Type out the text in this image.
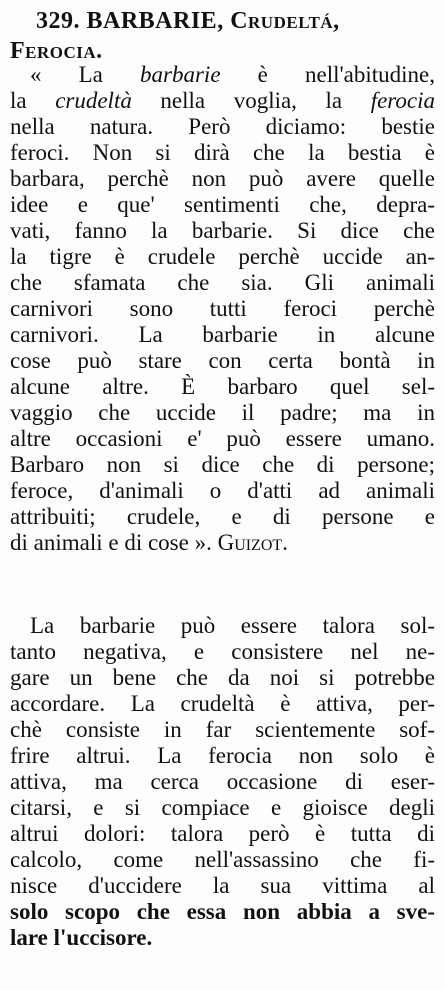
329. BARBARIE, Crudeltá,
Ferocia.
« La barbarie è nell'abitudine,
la crudeltà nella voglia, la ferocia
nella natura. Però diciamo: bestie
feroci. Non si dirà che la bestia è
barbara, perchè non può avere quelle
idee e que' sentimenti che, depra-
vati, fanno la barbarie. Si dice che
la tigre è crudele perchè uccide an-
che sfamata che sia. Gli animali
carnivori sono tutti feroci perchè
carnivori. La barbarie in alcune
cose può stare con certa bontà in
alcune altre. È barbaro quel sel-
vaggio che uccide il padre; ma in
altre occasioni e' può essere umano.
Barbaro non si dice che di persone;
feroce, d'animali o d'atti ad animali
attribuiti; crudele, e di persone e
di animali e di cose ». Guizot.
La barbarie può essere talora sol-
tanto negativa, e consistere nel ne-
gare un bene che da noi si potrebbe
accordare. La crudeltà è attiva, per-
chè consiste in far scientemente sof-
frire altrui. La ferocia non solo è
attiva, ma cerca occasione di eser-
citarsi, e si compiace e gioisce degli
altrui dolori: talora però è tutta di
calcolo, come nell'assassino che fi-
nisce d'uccidere la sua vittima al
solo scopo che essa non abbia a sve-
lare l'uccisore.
